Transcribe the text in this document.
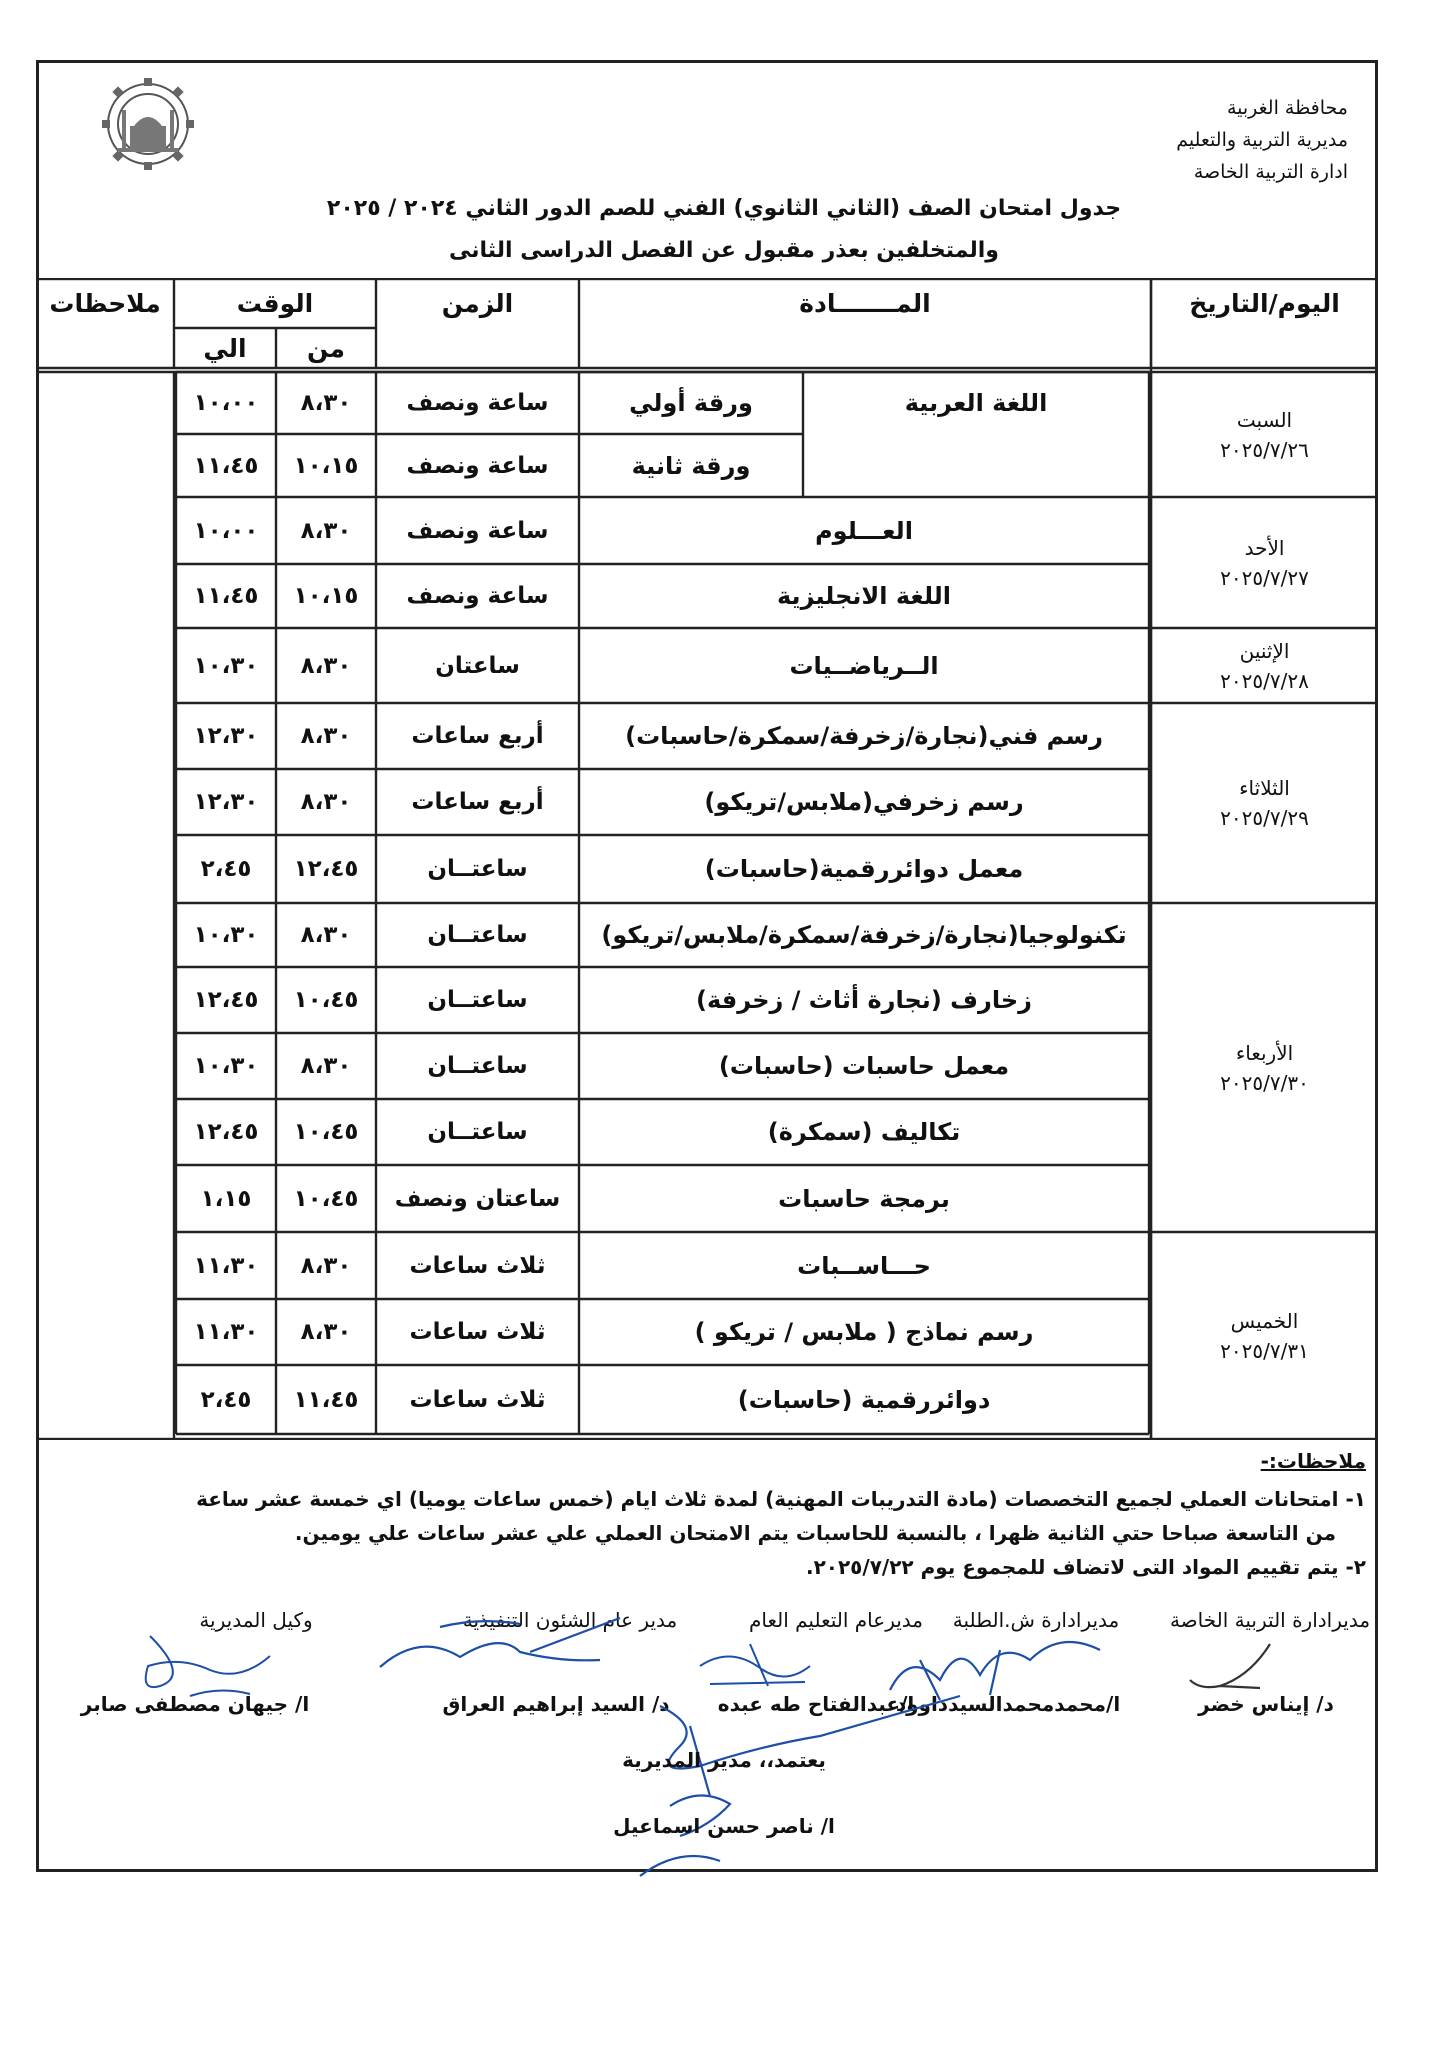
محافظة الغربية
مديرية التربية والتعليم
ادارة التربية الخاصة
جدول امتحان الصف (الثاني الثانوي) الفني للصم الدور الثاني ٢٠٢٤ / ٢٠٢٥
والمتخلفين بعذر مقبول عن الفصل الدراسى الثانى
اليوم/التاريخ
المـــــــادة
الزمن
الوقت
من
الي
ملاحظات
السبت
٢٠٢٥/٧/٢٦
الأحد
٢٠٢٥/٧/٢٧
الإثنين
٢٠٢٥/٧/٢٨
الثلاثاء
٢٠٢٥/٧/٢٩
الأربعاء
٢٠٢٥/٧/٣٠
الخميس
٢٠٢٥/٧/٣١
اللغة العربية
ورقة أولي
ساعة ونصف
٨،٣٠
١٠،٠٠
ورقة ثانية
ساعة ونصف
١٠،١٥
١١،٤٥
العـــلوم
ساعة ونصف
٨،٣٠
١٠،٠٠
اللغة الانجليزية
ساعة ونصف
١٠،١٥
١١،٤٥
الــرياضــيات
ساعتان
٨،٣٠
١٠،٣٠
رسم فني(نجارة/زخرفة/سمكرة/حاسبات)
أربع ساعات
٨،٣٠
١٢،٣٠
رسم زخرفي(ملابس/تريكو)
أربع ساعات
٨،٣٠
١٢،٣٠
معمل دوائررقمية(حاسبات)
ساعتــان
١٢،٤٥
٢،٤٥
تكنولوجيا(نجارة/زخرفة/سمكرة/ملابس/تريكو)
ساعتــان
٨،٣٠
١٠،٣٠
زخارف (نجارة أثاث / زخرفة)
ساعتــان
١٠،٤٥
١٢،٤٥
معمل حاسبات (حاسبات)
ساعتــان
٨،٣٠
١٠،٣٠
تكاليف (سمكرة)
ساعتــان
١٠،٤٥
١٢،٤٥
برمجة حاسبات
ساعتان ونصف
١٠،٤٥
١،١٥
حـــاســبات
ثلاث ساعات
٨،٣٠
١١،٣٠
رسم نماذج ( ملابس / تريكو )
ثلاث ساعات
٨،٣٠
١١،٣٠
دوائررقمية (حاسبات)
ثلاث ساعات
١١،٤٥
٢،٤٥
ملاحظات:-
١- امتحانات العملي لجميع التخصصات (مادة التدريبات المهنية) لمدة ثلاث ايام (خمس ساعات يوميا) اي خمسة عشر ساعة
من التاسعة صباحا حتي الثانية ظهرا ، بالنسبة للحاسبات يتم الامتحان العملي علي عشر ساعات علي يومين.
٢- يتم تقييم المواد التى لاتضاف للمجموع يوم ٢٠٢٥/٧/٢٢.
مديرادارة التربية الخاصة
مديرادارة ش.الطلبة
مديرعام التعليم العام
مدير عام الشئون التنفيذية
وكيل المديرية
د/ إيناس خضر
ا/محمدمحمدالسيدداوود
ا/عبدالفتاح طه عبده
د/ السيد إبراهيم العراق
ا/ جيهان مصطفى صابر
يعتمد،، مدير المديرية
ا/ ناصر حسن اسماعيل
